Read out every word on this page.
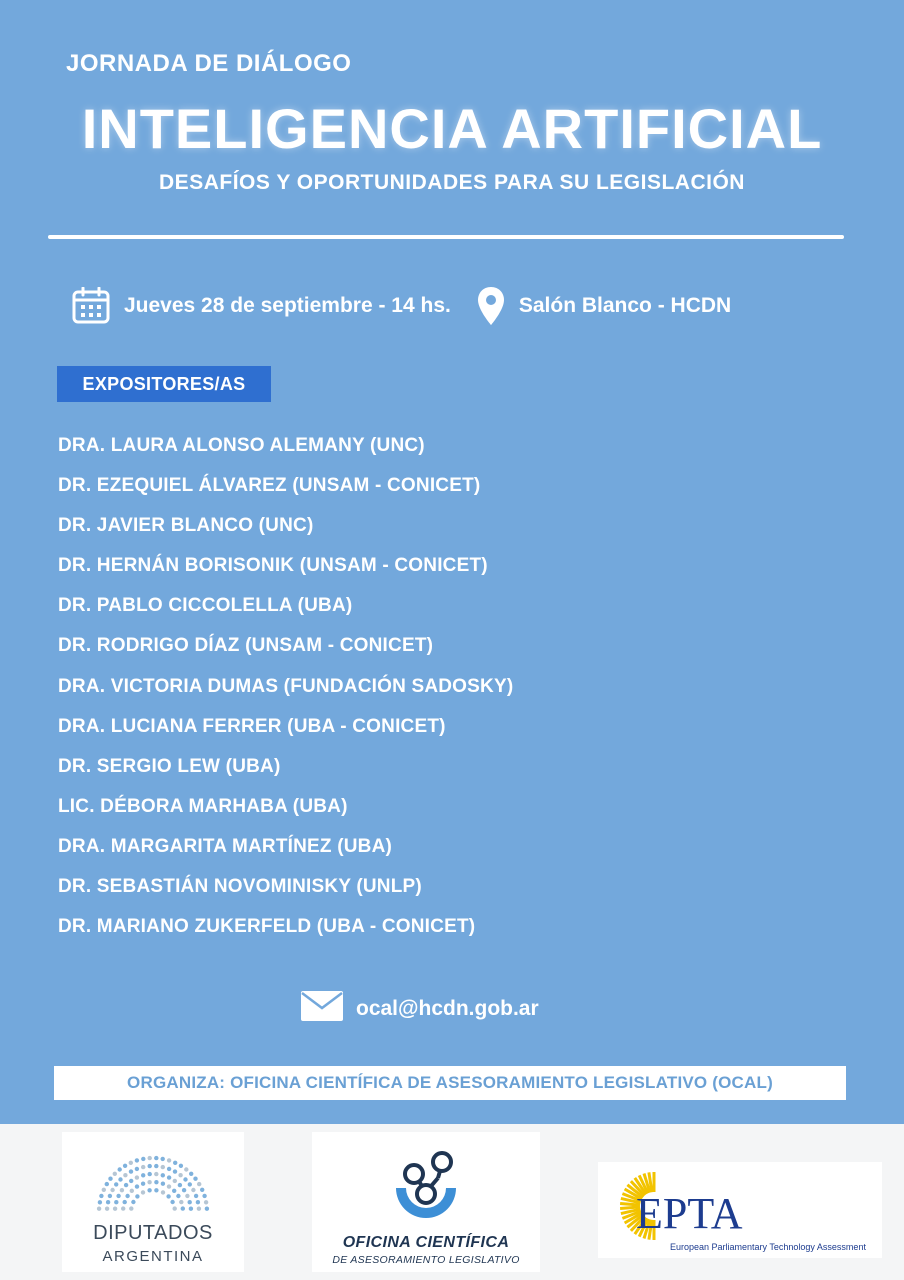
JORNADA DE DIÁLOGO
INTELIGENCIA ARTIFICIAL
DESAFÍOS Y OPORTUNIDADES PARA SU LEGISLACIÓN
Jueves 28 de septiembre - 14 hs.	Salón Blanco - HCDN
EXPOSITORES/AS
DRA. LAURA ALONSO ALEMANY (UNC)
DR. EZEQUIEL ÁLVAREZ (UNSAM - CONICET)
DR. JAVIER BLANCO (UNC)
DR. HERNÁN BORISONIK (UNSAM - CONICET)
DR. PABLO CICCOLELLA (UBA)
DR. RODRIGO DÍAZ (UNSAM - CONICET)
DRA. VICTORIA DUMAS (FUNDACIÓN SADOSKY)
DRA. LUCIANA FERRER (UBA - CONICET)
DR. SERGIO LEW (UBA)
LIC. DÉBORA MARHABA (UBA)
DRA. MARGARITA MARTÍNEZ (UBA)
DR. SEBASTIÁN NOVOMINISKY (UNLP)
DR. MARIANO ZUKERFELD (UBA - CONICET)
ocal@hcdn.gob.ar
ORGANIZA: OFICINA CIENTÍFICA DE ASESORAMIENTO LEGISLATIVO (OCAL)
DIPUTADOS
ARGENTINA
OFICINA CIENTÍFICA
DE ASESORAMIENTO LEGISLATIVO
EPTA
European Parliamentary Technology Assessment
